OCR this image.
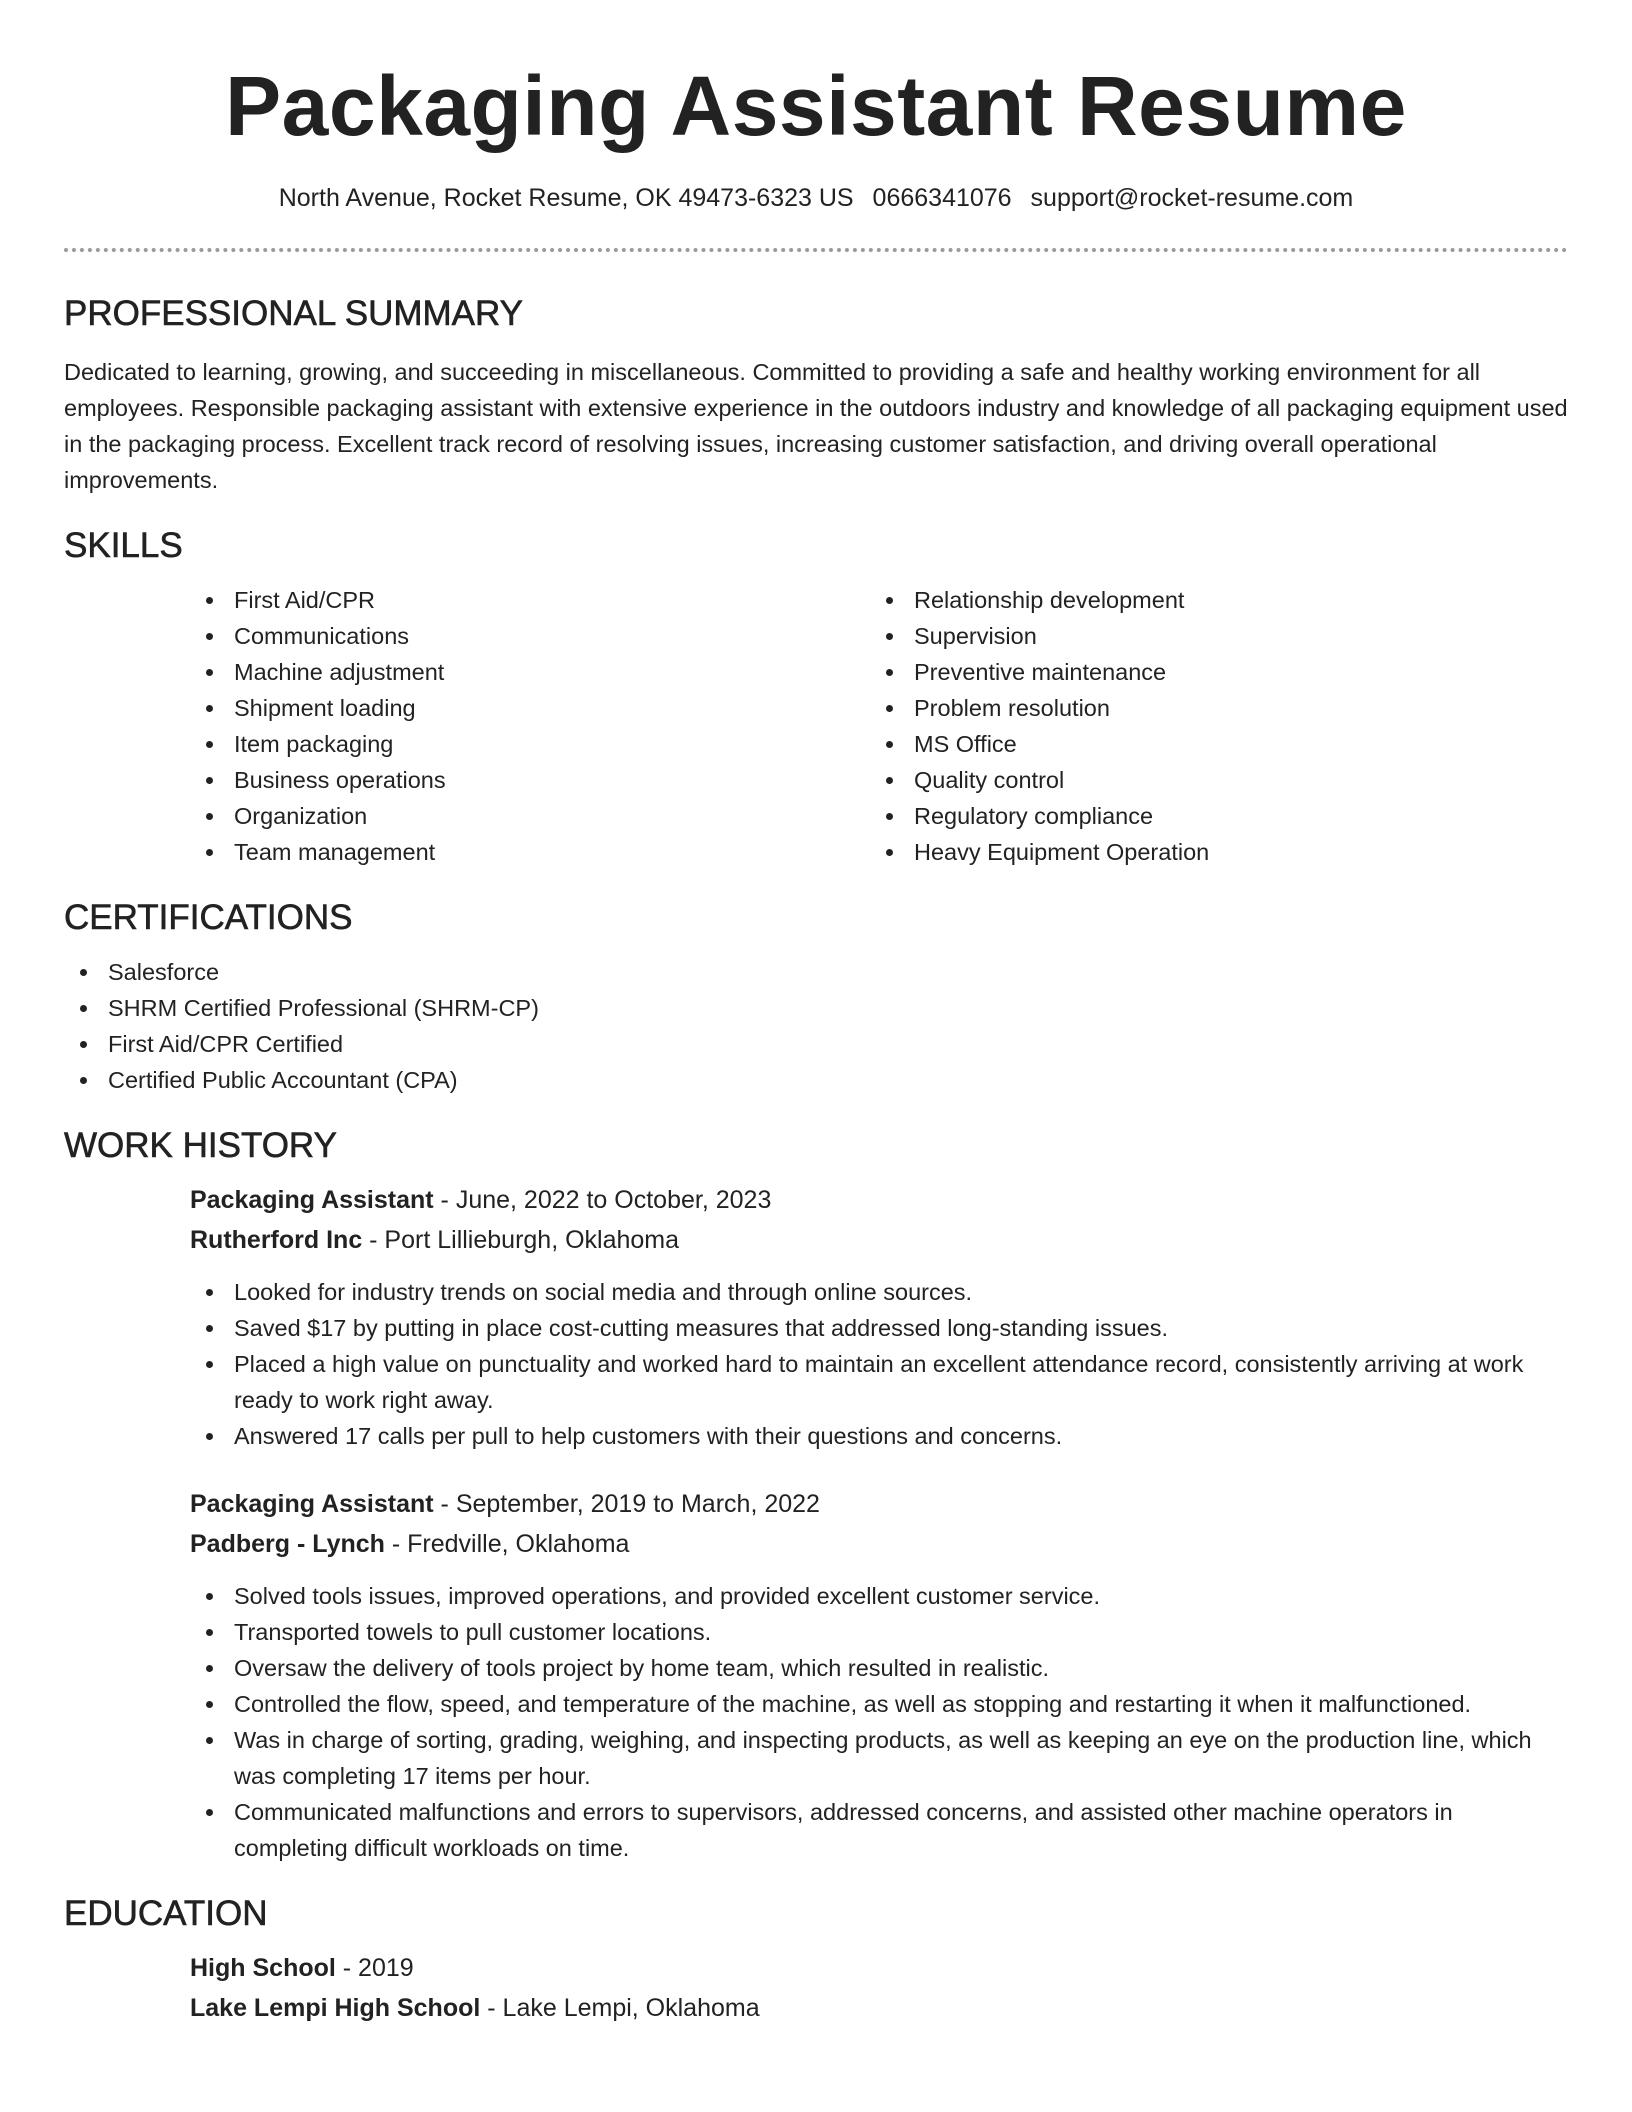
Packaging Assistant Resume
North Avenue, Rocket Resume, OK 49473-6323 US 0666341076 support@rocket-resume.com
PROFESSIONAL SUMMARY

Dedicated to learning, growing, and succeeding in miscellaneous. Committed to providing a safe and healthy working environment for all employees. Responsible packaging assistant with extensive experience in the outdoors industry and knowledge of all packaging equipment used in the packaging process. Excellent track record of resolving issues, increasing customer satisfaction, and driving overall operational improvements.

SKILLS
First Aid/CPR
Communications
Machine adjustment
Shipment loading
Item packaging
Business operations
Organization
Team management
Relationship development
Supervision
Preventive maintenance
Problem resolution
MS Office
Quality control
Regulatory compliance
Heavy Equipment Operation
CERTIFICATIONS
Salesforce
SHRM Certified Professional (SHRM-CP)
First Aid/CPR Certified
Certified Public Accountant (CPA)
WORK HISTORY
Packaging Assistant - June, 2022 to October, 2023
Rutherford Inc - Port Lillieburgh, Oklahoma
Looked for industry trends on social media and through online sources.
Saved $17 by putting in place cost-cutting measures that addressed long-standing issues.
Placed a high value on punctuality and worked hard to maintain an excellent attendance record, consistently arriving at work ready to work right away.
Answered 17 calls per pull to help customers with their questions and concerns.
Packaging Assistant - September, 2019 to March, 2022
Padberg - Lynch - Fredville, Oklahoma
Solved tools issues, improved operations, and provided excellent customer service.
Transported towels to pull customer locations.
Oversaw the delivery of tools project by home team, which resulted in realistic.
Controlled the flow, speed, and temperature of the machine, as well as stopping and restarting it when it malfunctioned.
Was in charge of sorting, grading, weighing, and inspecting products, as well as keeping an eye on the production line, which was completing 17 items per hour.
Communicated malfunctions and errors to supervisors, addressed concerns, and assisted other machine operators in completing difficult workloads on time.
EDUCATION
High School - 2019
Lake Lempi High School - Lake Lempi, Oklahoma
